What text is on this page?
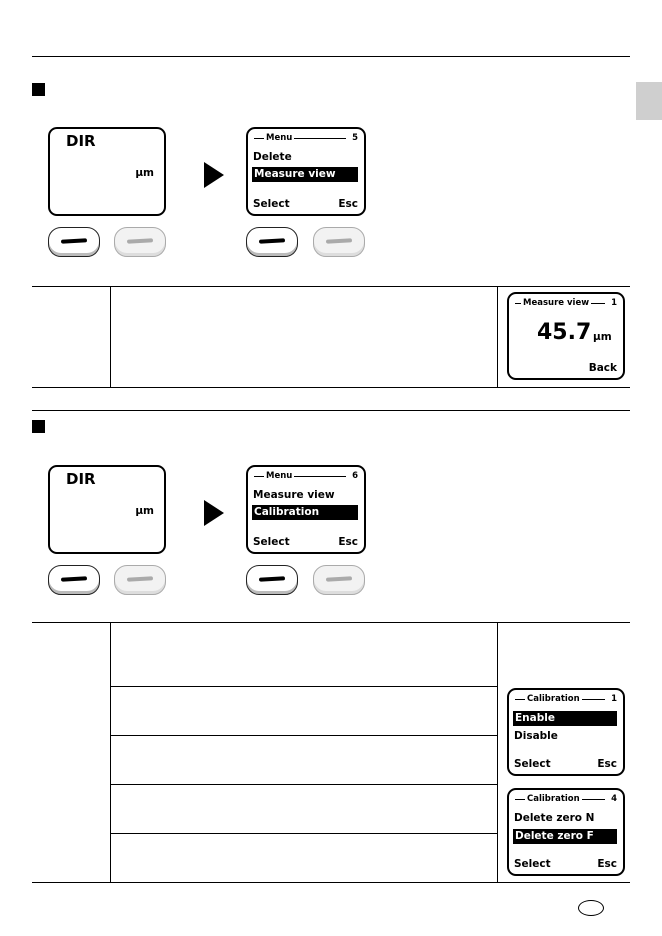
DIR
µm
Menu	5
Delete
Measure view
Select	Esc
Measure view	1
45.7 µm
Back
DIR
µm
Menu	6
Measure view
Calibration
Select	Esc
Calibration	1
Enable
Disable
Select	Esc
Calibration	4
Delete zero N
Delete zero F
Select	Esc
